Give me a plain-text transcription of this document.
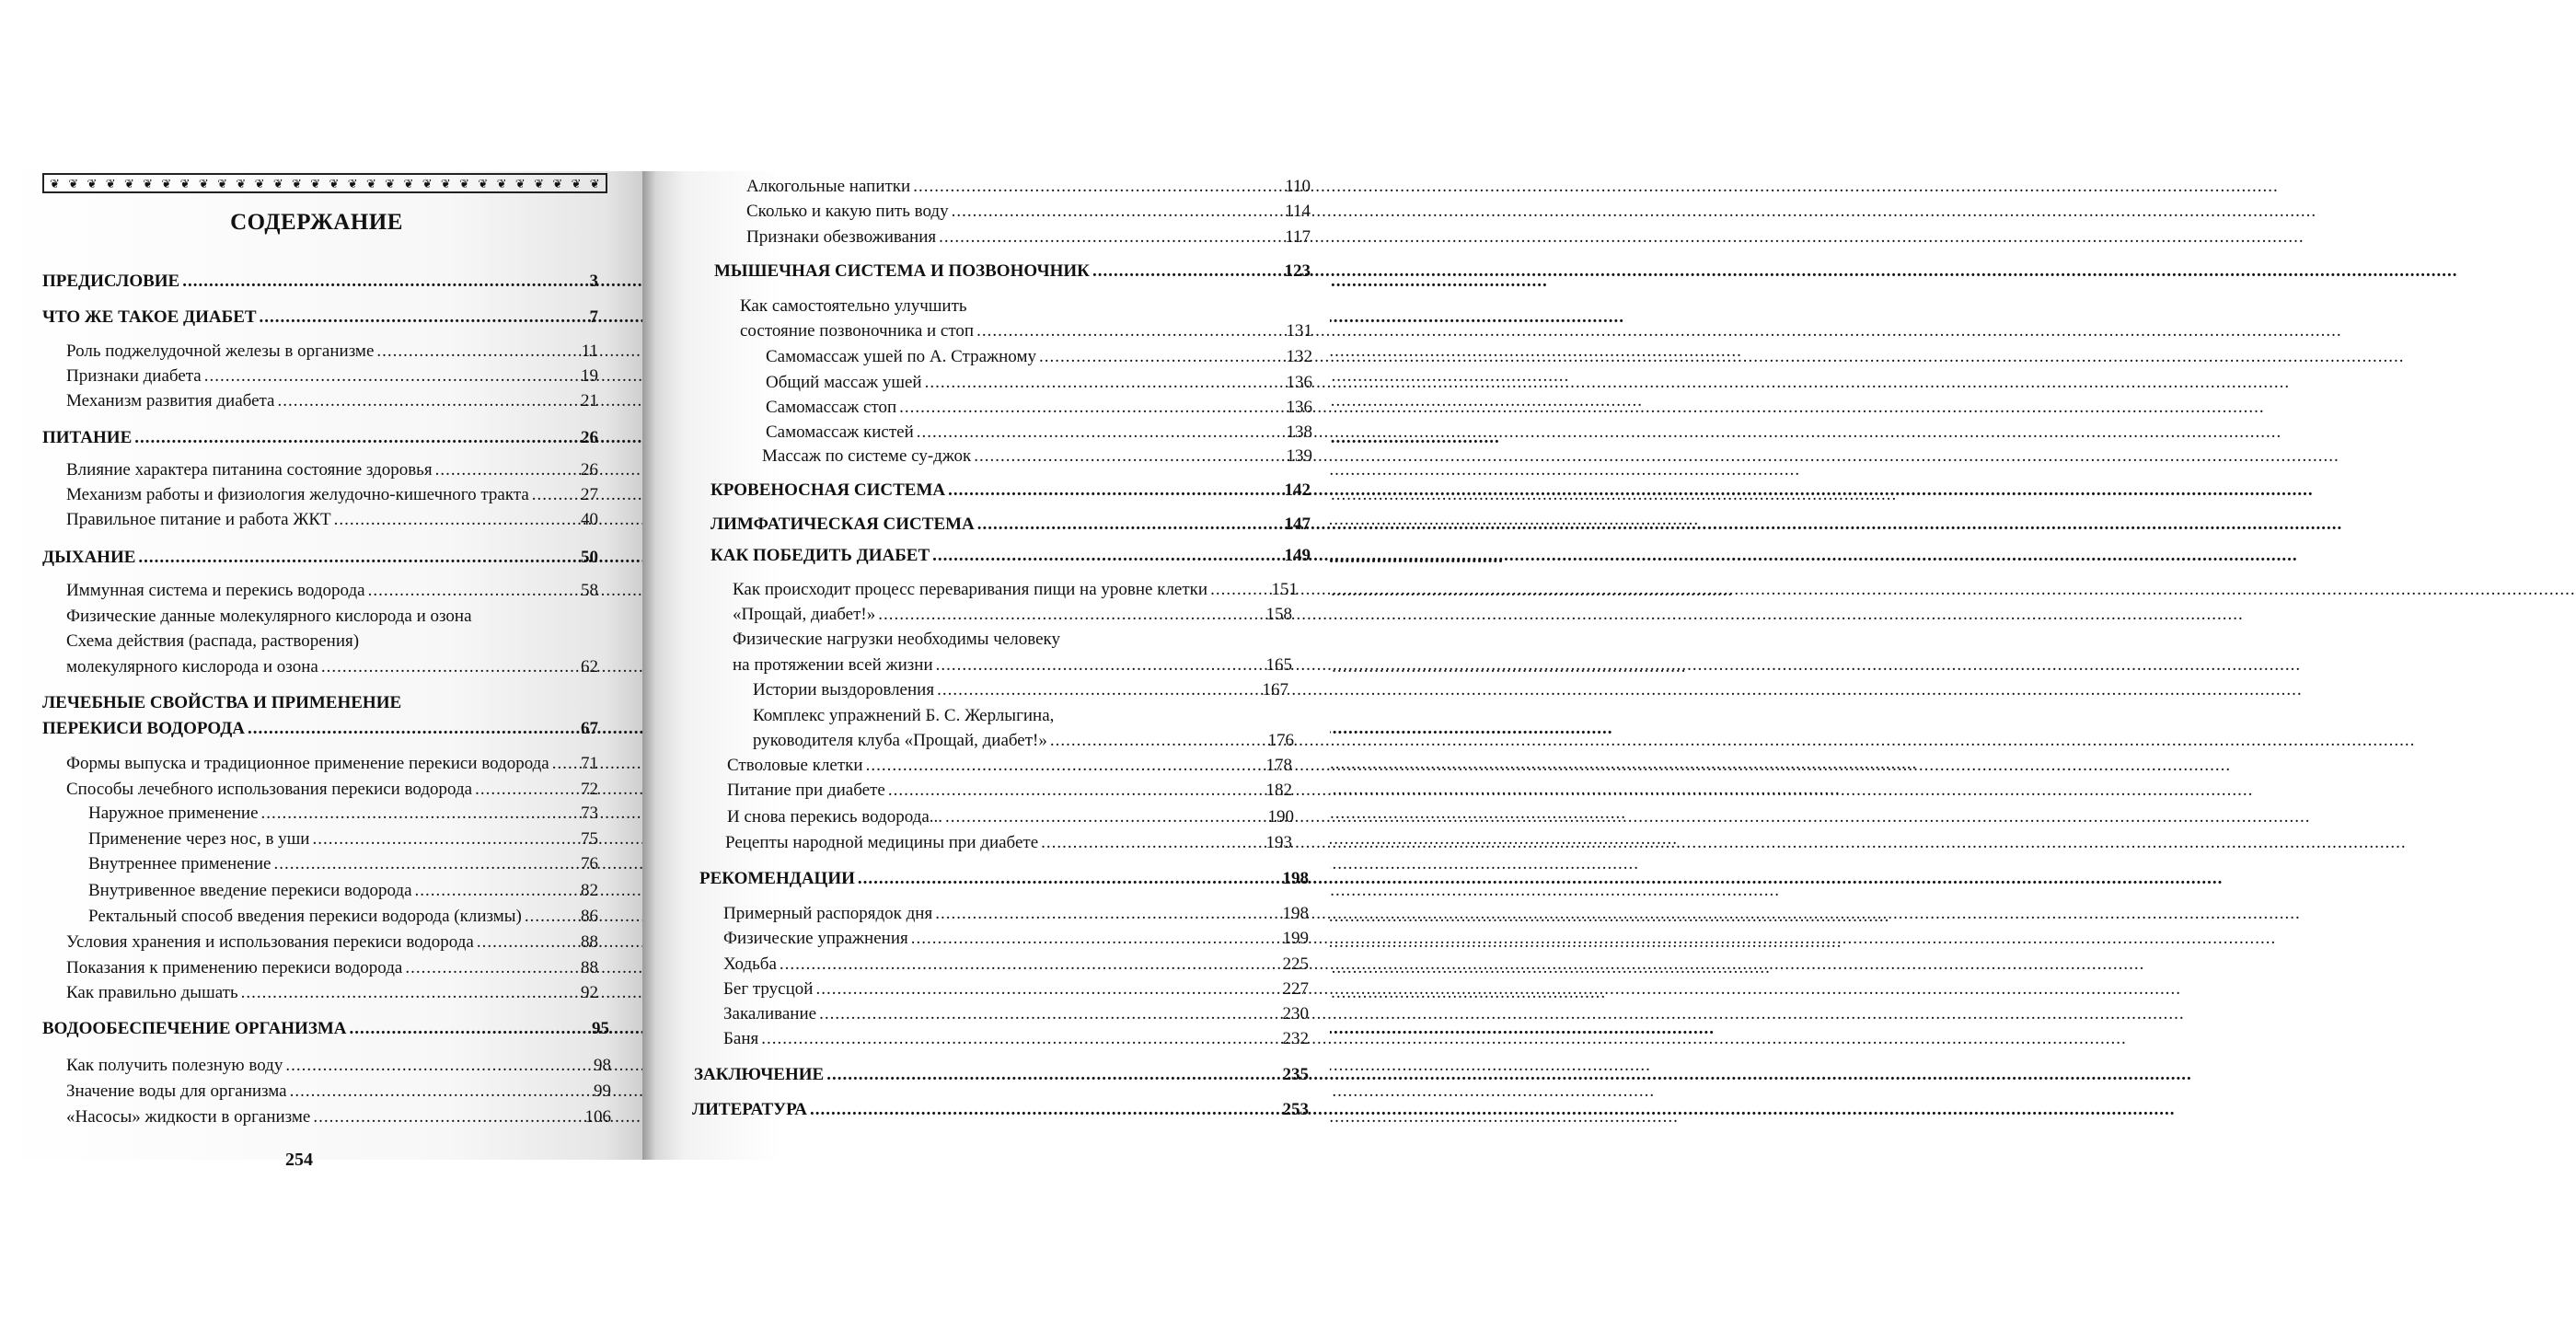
❦ ❦ ❦ ❦ ❦ ❦ ❦ ❦ ❦ ❦ ❦ ❦ ❦ ❦ ❦ ❦ ❦ ❦ ❦ ❦ ❦ ❦ ❦ ❦ ❦ ❦ ❦ ❦ ❦ ❦
СОДЕРЖАНИЕ
ПРЕДИСЛОВИЕ .....	3
ЧТО ЖЕ ТАКОЕ ДИАБЕТ .....	7
Роль поджелудочной железы в организме .....	11
Признаки диабета .....	19
Механизм развития диабета .....	21
ПИТАНИЕ .....	26
Влияние характера питанина состояние здоровья .....	26
Механизм работы и физиология желудочно-кишечного тракта .....	27
Правильное питание и работа ЖКТ .....	40
ДЫХАНИЕ .....	50
Иммунная система и перекись водорода .....	58
Физические данные молекулярного кислорода и озона
Схема действия (распада, растворения)
молекулярного кислорода и озона .....	62
ЛЕЧЕБНЫЕ СВОЙСТВА И ПРИМЕНЕНИЕ
ПЕРЕКИСИ ВОДОРОДА .....	67
Формы выпуска и традиционное применение перекиси водорода ..... 71
Способы лечебного использования перекиси водорода .....	72
Наружное применение .....	73
Применение через нос, в уши .....	75
Внутреннее применение .....	76
Внутривенное введение перекиси водорода .....	82
Ректальный способ введения перекиси водорода (клизмы) .....	86
Условия хранения и использования перекиси водорода .....	88
Показания к применению перекиси водорода .....	88
Как правильно дышать .....	92
ВОДООБЕСПЕЧЕНИЕ ОРГАНИЗМА .....	95
Как получить полезную воду .....	98
Значение воды для организма .....	99
«Насосы» жидкости в организме .....	106
254
Алкогольные напитки .....	110
Сколько и какую пить воду .....	114
Признаки обезвоживания .....	117
МЫШЕЧНАЯ СИСТЕМА И ПОЗВОНОЧНИК .....	123
Как самостоятельно улучшить
состояние позвоночника и стоп .....	131
Самомассаж ушей по А. Стражному .....	132
Общий массаж ушей .....	136
Самомассаж стоп .....	136
Самомассаж кистей .....	138
Массаж по системе су-джок .....	139
КРОВЕНОСНАЯ СИСТЕМА .....	142
ЛИМФАТИЧЕСКАЯ СИСТЕМА .....	147
КАК ПОБЕДИТЬ ДИАБЕТ .....	149
Как происходит процесс переваривания пищи на уровне клетки .....	151
«Прощай, диабет!» .....	158
Физические нагрузки необходимы человеку
на протяжении всей жизни .....	165
Истории выздоровления .....	167
Комплекс упражнений Б. С. Жерлыгина,
руководителя клуба «Прощай, диабет!» .....	176
Стволовые клетки .....	178
Питание при диабете .....	182
И снова перекись водорода... .....	190
Рецепты народной медицины при диабете .....	193
РЕКОМЕНДАЦИИ .....	198
Примерный распорядок дня .....	198
Физические упражнения .....	199
Ходьба .....	225
Бег трусцой .....	227
Закаливание .....	230
Баня .....	232
ЗАКЛЮЧЕНИЕ .....	235
ЛИТЕРАТУРА .....	253
